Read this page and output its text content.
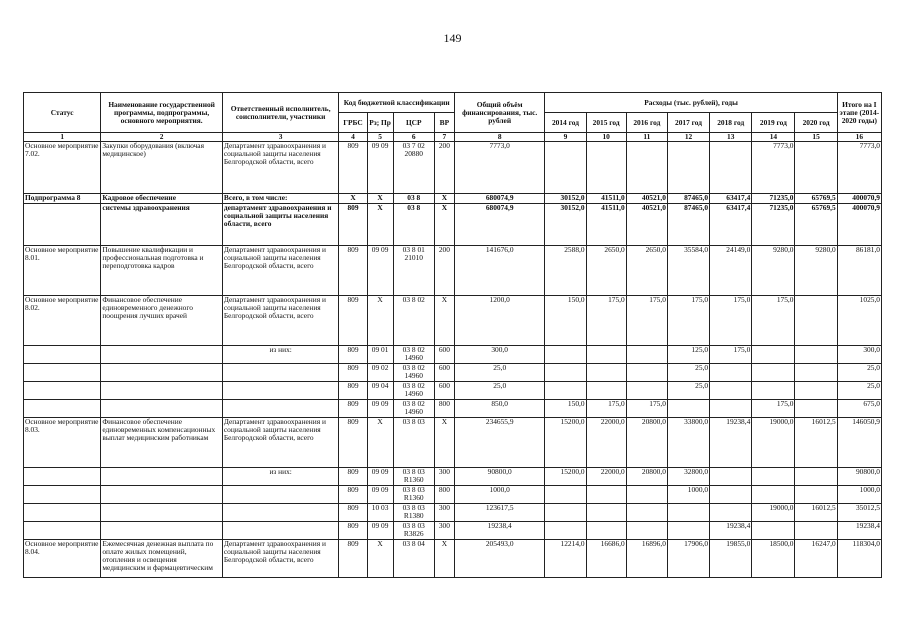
149
Статус	Наименование государственной программы, подпрограммы, основного мероприятия.	Ответственный исполнитель, соисполнители, участники	Код бюджетной классификации				Общий объём финансирования, тыс. рублей	Расходы (тыс. рублей), годы							Итого на I этапе (2014-2020 годы)
			ГРБС	Рз; Пр	ЦСР	ВР		2014 год	2015 год	2016 год	2017 год	2018 год	2019 год	2020 год	
1	2	3	4	5	6	7	8	9	10	11	12	13	14	15	16
Основное мероприятие 7.02.	Закупки оборудования (включая медицинское)	Департамент здравоохранения и социальной защиты населения Белгородской области, всего	809	09 09	03 7 02 20880	200	7773,0						7773,0		7773,0
Подпрограмма 8	Кадровое обеспечение	Всего, в том числе:	Х	Х	03 8	Х	680074,9	30152,0	41511,0	40521,0	87465,0	63417,4	71235,0	65769,5	400070,9
	системы здравоохранения	департамент здравоохранения и социальной защиты населения области, всего	809	Х	03 8	Х	680074,9	30152,0	41511,0	40521,0	87465,0	63417,4	71235,0	65769,5	400070,9
Основное мероприятие 8.01.	Повышение квалификации и профессиональная подготовка и переподготовка кадров	Департамент здравоохранения и социальной защиты населения Белгородской области, всего	809	09 09	03 8 01 21010	200	141676,0	2588,0	2650,0	2650,0	35584,0	24149,0	9280,0	9280,0	86181,0
Основное мероприятие 8.02.	Финансовое обеспечение единовременного денежного поощрения лучших врачей	Департамент здравоохранения и социальной защиты населения Белгородской области, всего	809	Х	03 8 02	Х	1200,0	150,0	175,0	175,0	175,0	175,0	175,0		1025,0
		из них:	809	09 01	03 8 02 14960	600	300,0				125,0	175,0			300,0
			809	09 02	03 8 02 14960	600	25,0				25,0				25,0
			809	09 04	03 8 02 14960	600	25,0				25,0				25,0
			809	09 09	03 8 02 14960	800	850,0	150,0	175,0	175,0			175,0		675,0
Основное мероприятие 8.03.	Финансовое обеспечение единовременных компенсационных выплат медицинским работникам	Департамент здравоохранения и социальной защиты населения Белгородской области, всего	809	Х	03 8 03	Х	234655,9	15200,0	22000,0	20800,0	33800,0	19238,4	19000,0	16012,5	146050,9
		из них:	809	09 09	03 8 03 R1360	300	90800,0	15200,0	22000,0	20800,0	32800,0				90800,0
			809	09 09	03 8 03 R1360	800	1000,0				1000,0				1000,0
			809	10 03	03 8 03 R1380	300	123617,5						19000,0	16012,5	35012,5
			809	09 09	03 8 03 R3826	300	19238,4					19238,4			19238,4
Основное мероприятие 8.04.	Ежемесячная денежная выплата по оплате жилых помещений, отопления и освещения медицинским и фармацевтическим	Департамент здравоохранения и социальной защиты населения Белгородской области, всего	809	Х	03 8 04	Х	205493,0	12214,0	16686,0	16896,0	17906,0	19855,0	18500,0	16247,0	118304,0
